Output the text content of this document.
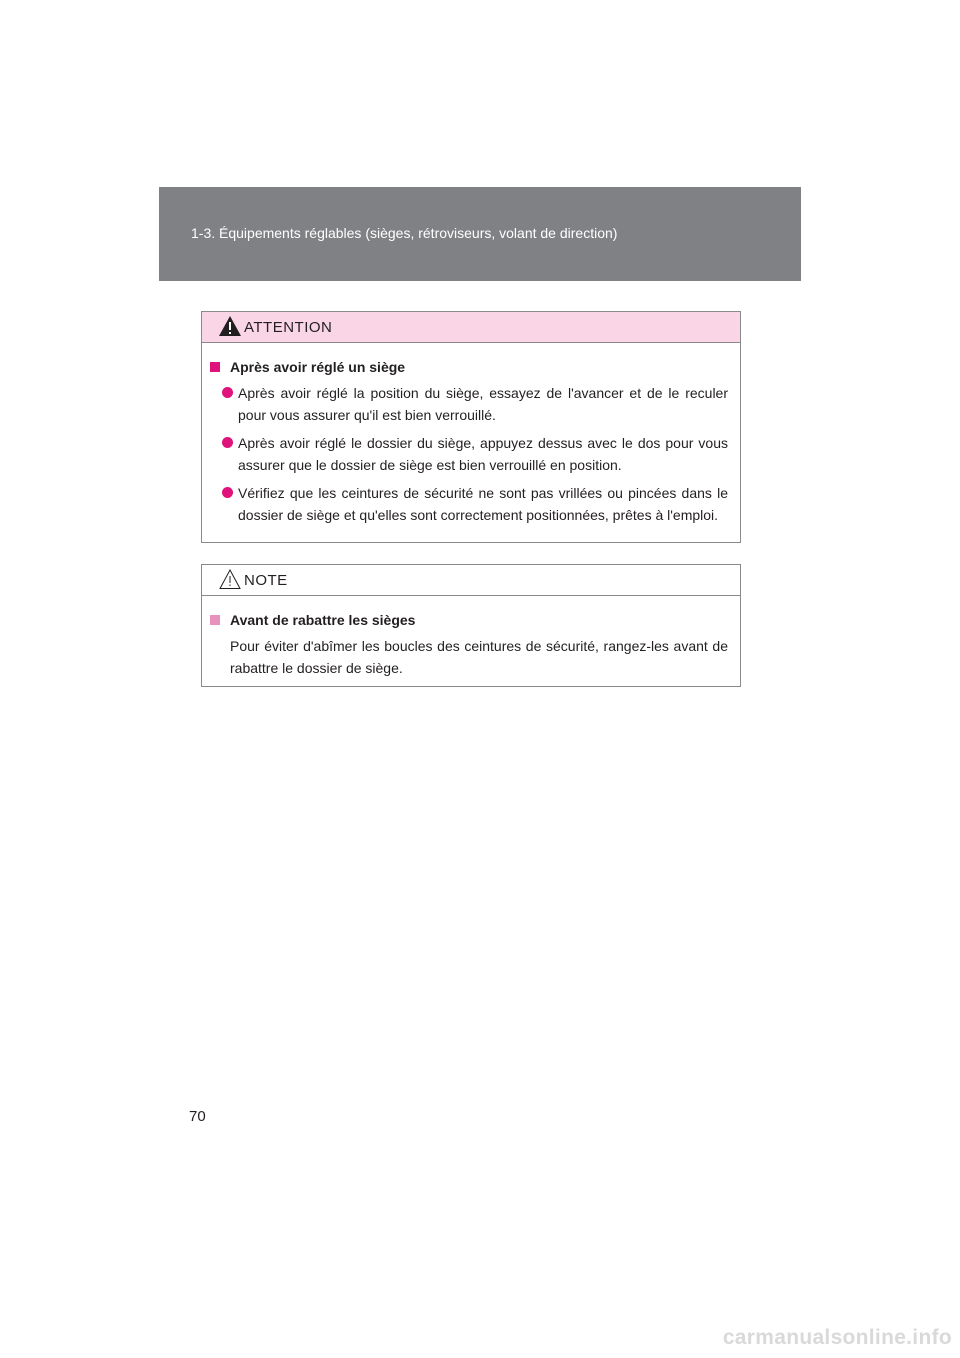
1-3. Équipements réglables (sièges, rétroviseurs, volant de direction)
ATTENTION
Après avoir réglé un siège
Après avoir réglé la position du siège, essayez de l'avancer et de le reculer pour vous assurer qu'il est bien verrouillé.
Après avoir réglé le dossier du siège, appuyez dessus avec le dos pour vous assurer que le dossier de siège est bien verrouillé en position.
Vérifiez que les ceintures de sécurité ne sont pas vrillées ou pincées dans le dossier de siège et qu'elles sont correctement positionnées, prêtes à l'emploi.
NOTE
Avant de rabattre les sièges
Pour éviter d'abîmer les boucles des ceintures de sécurité, rangez-les avant de rabattre le dossier de siège.
70
carmanualsonline.info
